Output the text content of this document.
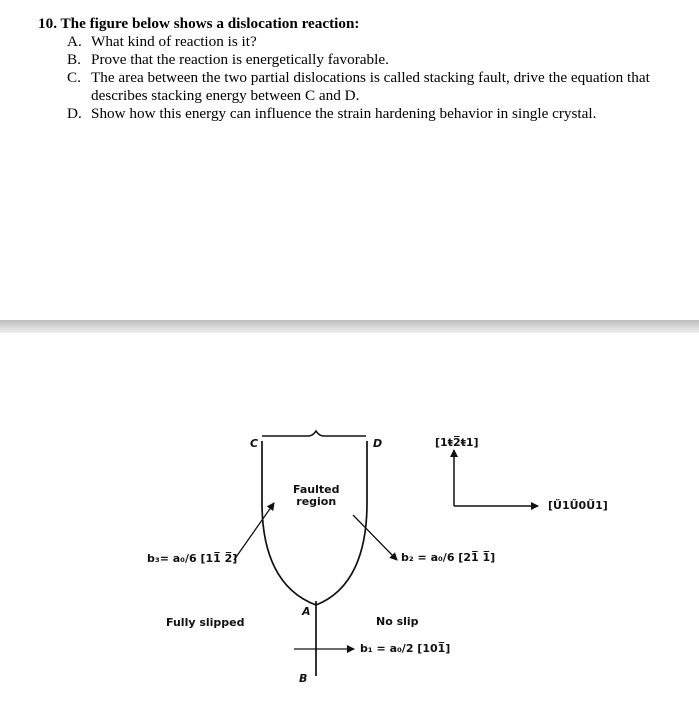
10. The figure below shows a dislocation reaction:
A. What kind of reaction is it?
B. Prove that the reaction is energetically favorable.
C. The area between the two partial dislocations is called stacking fault, drive the equation that describes stacking energy between C and D.
D. Show how this energy can influence the strain hardening behavior in single crystal.
C	D
A
B
Faulted
region
Fully slipped	No slip
[1ŧ2̅ŧ1]
[Ű1Ű0Ű1]
b₃= a₀/6 [11̅ 2̅]	b₂ = a₀/6 [21̅ 1̅]
b₁ = a₀/2 [101̅]
